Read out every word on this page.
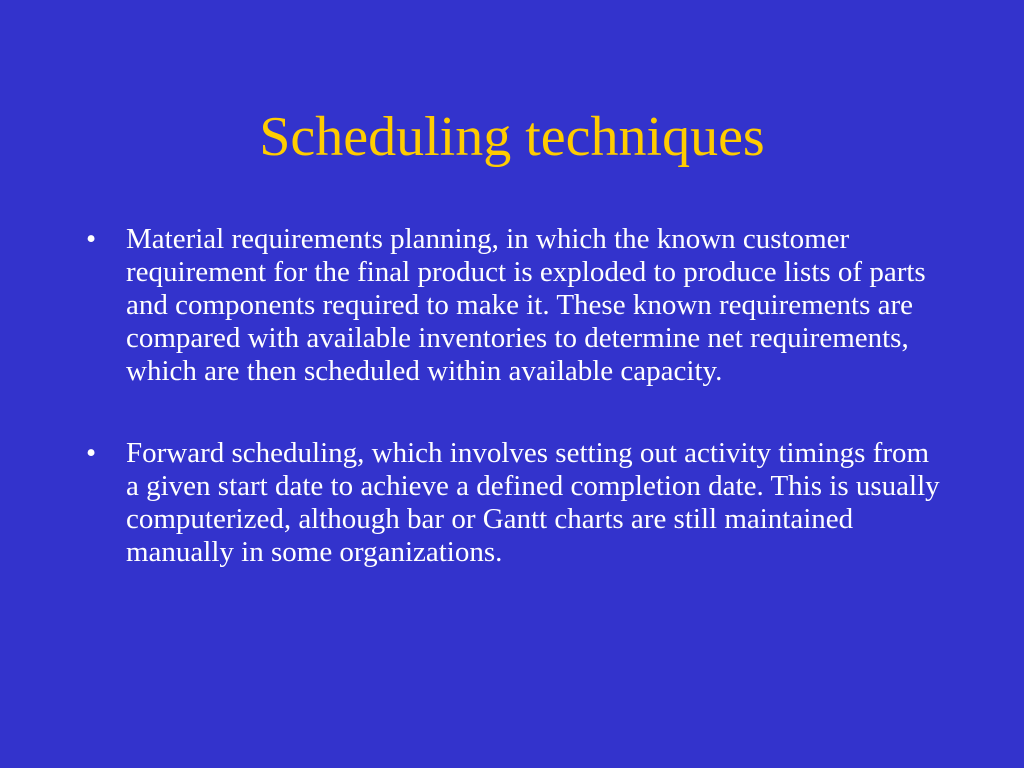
Scheduling techniques
•	Material requirements planning, in which the known customer requirement for the final product is exploded to produce lists of parts and components required to make it. These known requirements are compared with available inventories to determine net requirements, which are then scheduled within available capacity.
•	Forward scheduling, which involves setting out activity timings from a given start date to achieve a defined completion date. This is usually computerized, although bar or Gantt charts are still maintained manually in some organizations.
